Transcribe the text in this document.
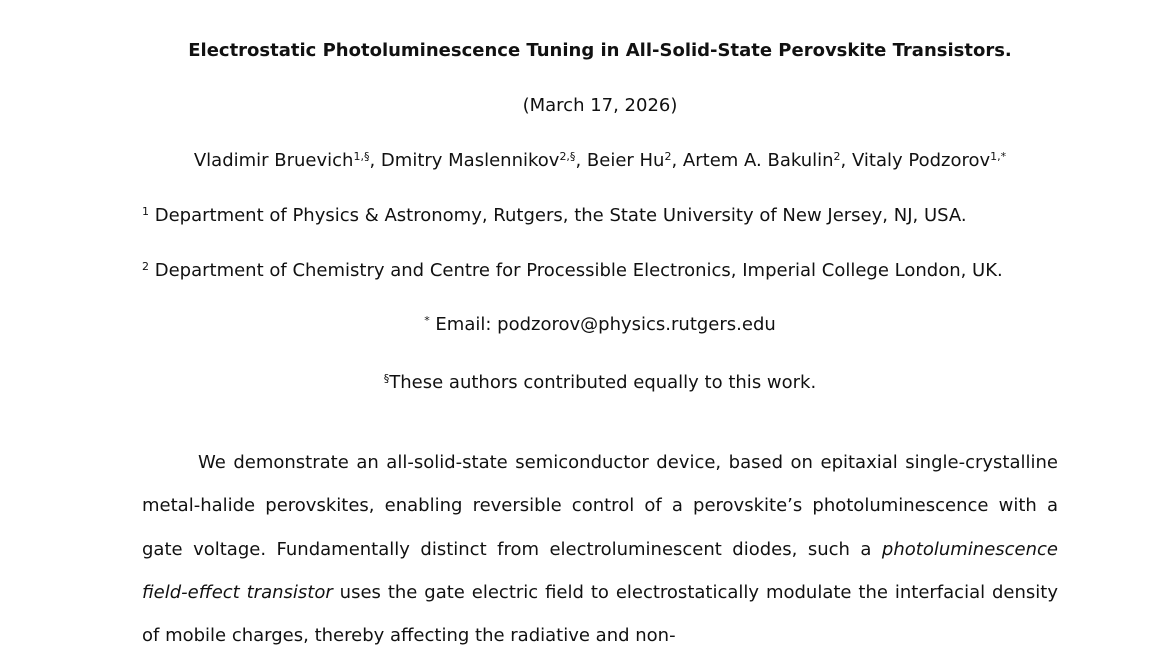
Electrostatic Photoluminescence Tuning in All-Solid-State Perovskite Transistors.
(March 17, 2026)
Vladimir Bruevich$^{1,\S}$, Dmitry Maslennikov$^{2,\S}$, Beier Hu$^2$, Artem A. Bakulin$^2$, Vitaly Podzorov$^{1,*}$
$^1$ Department of Physics & Astronomy, Rutgers, the State University of New Jersey, NJ, USA.
$^2$ Department of Chemistry and Centre for Processible Electronics, Imperial College London, UK.
* Email: podzorov@physics.rutgers.edu
§These authors contributed equally to this work.

We demonstrate an all-solid-state semiconductor device, based on epitaxial single-crystalline metal-halide perovskites, enabling reversible control of a perovskite’s photoluminescence with a gate voltage. Fundamentally distinct from electroluminescent diodes, such a photoluminescence field-effect transistor uses the gate electric field to electrostatically modulate the interfacial density of mobile charges, thereby affecting the radiative and non-
